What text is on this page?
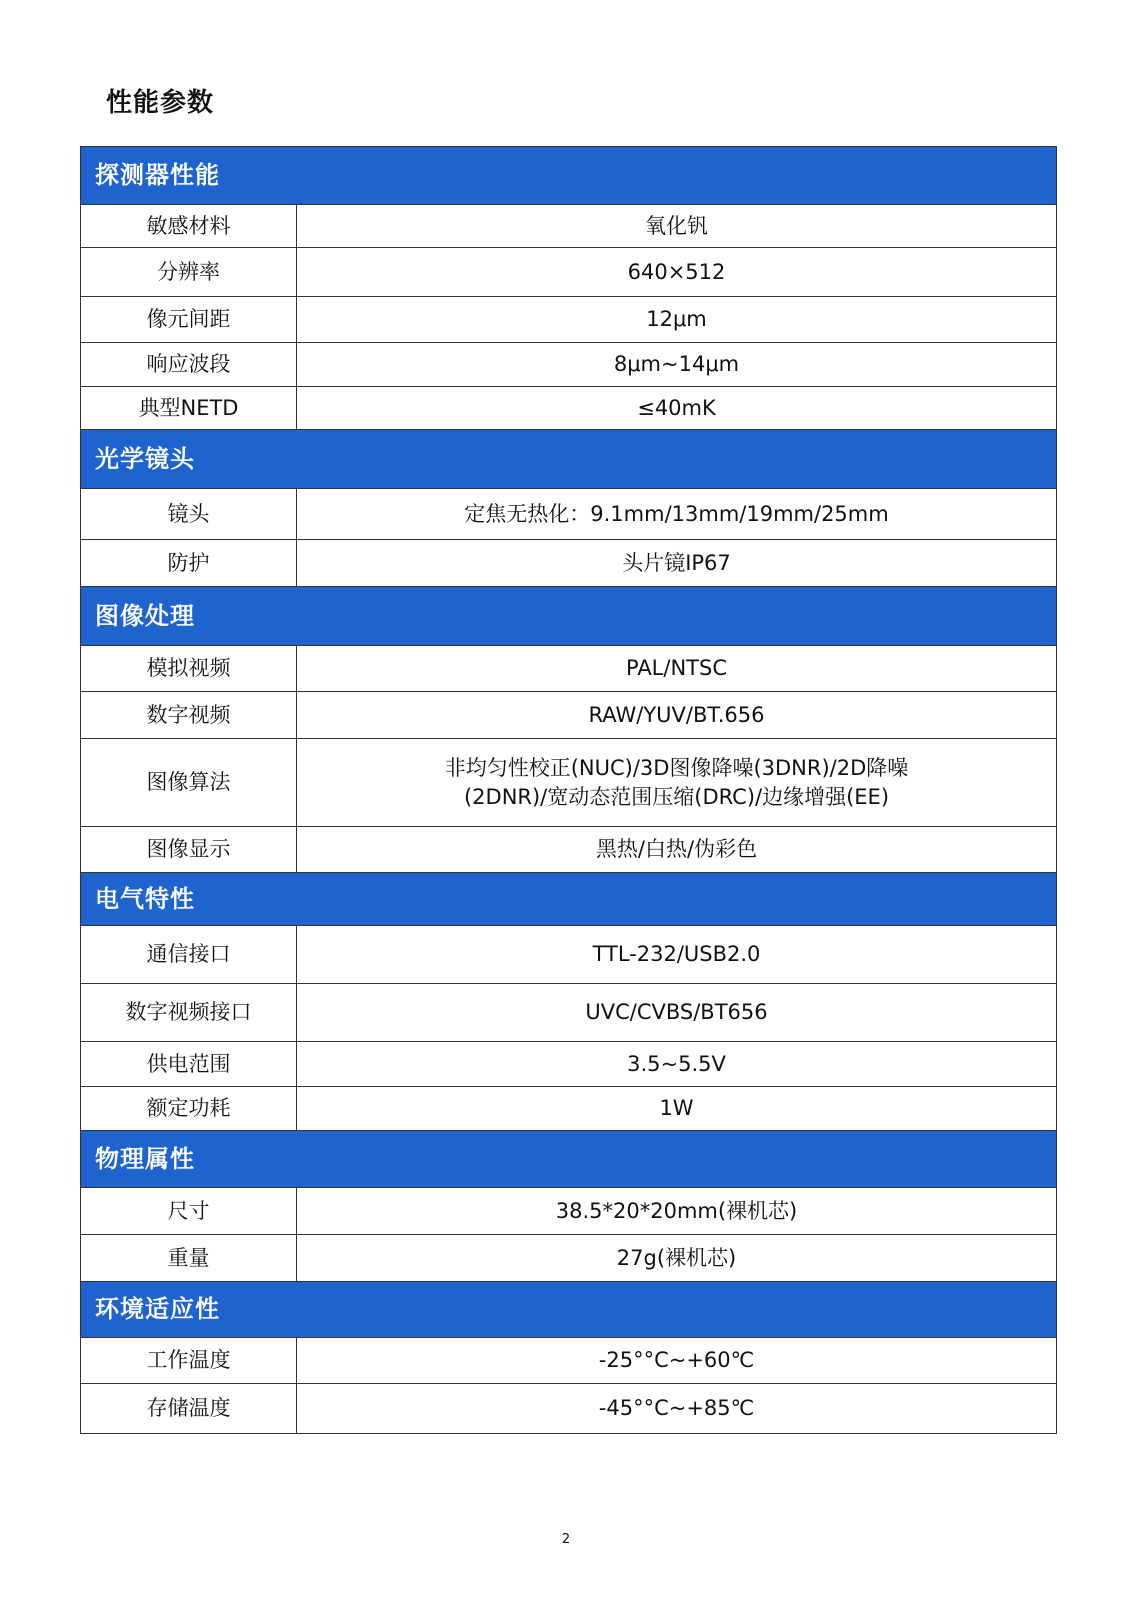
性能参数
探测器性能	
敏感材料	氧化钒
分辨率	640×512
像元间距	12μm
响应波段	8μm~14μm
典型NETD	≤40mK
光学镜头	
镜头	定焦无热化：9.1mm/13mm/19mm/25mm
防护	头片镜IP67
图像处理	
模拟视频	PAL/NTSC
数字视频	RAW/YUV/BT.656
图像算法	非均匀性校正(NUC)/3D图像降噪(3DNR)/2D降噪(2DNR)/宽动态范围压缩(DRC)/边缘增强(EE)
图像显示	黑热/白热/伪彩色
电气特性	
通信接口	TTL-232/USB2.0
数字视频接口	UVC/CVBS/BT656
供电范围	3.5~5.5V
额定功耗	1W
物理属性	
尺寸	38.5*20*20mm(裸机芯)
重量	27g(裸机芯)
环境适应性	
工作温度	-25°°C~+60℃
存储温度	-45°°C~+85℃
2
